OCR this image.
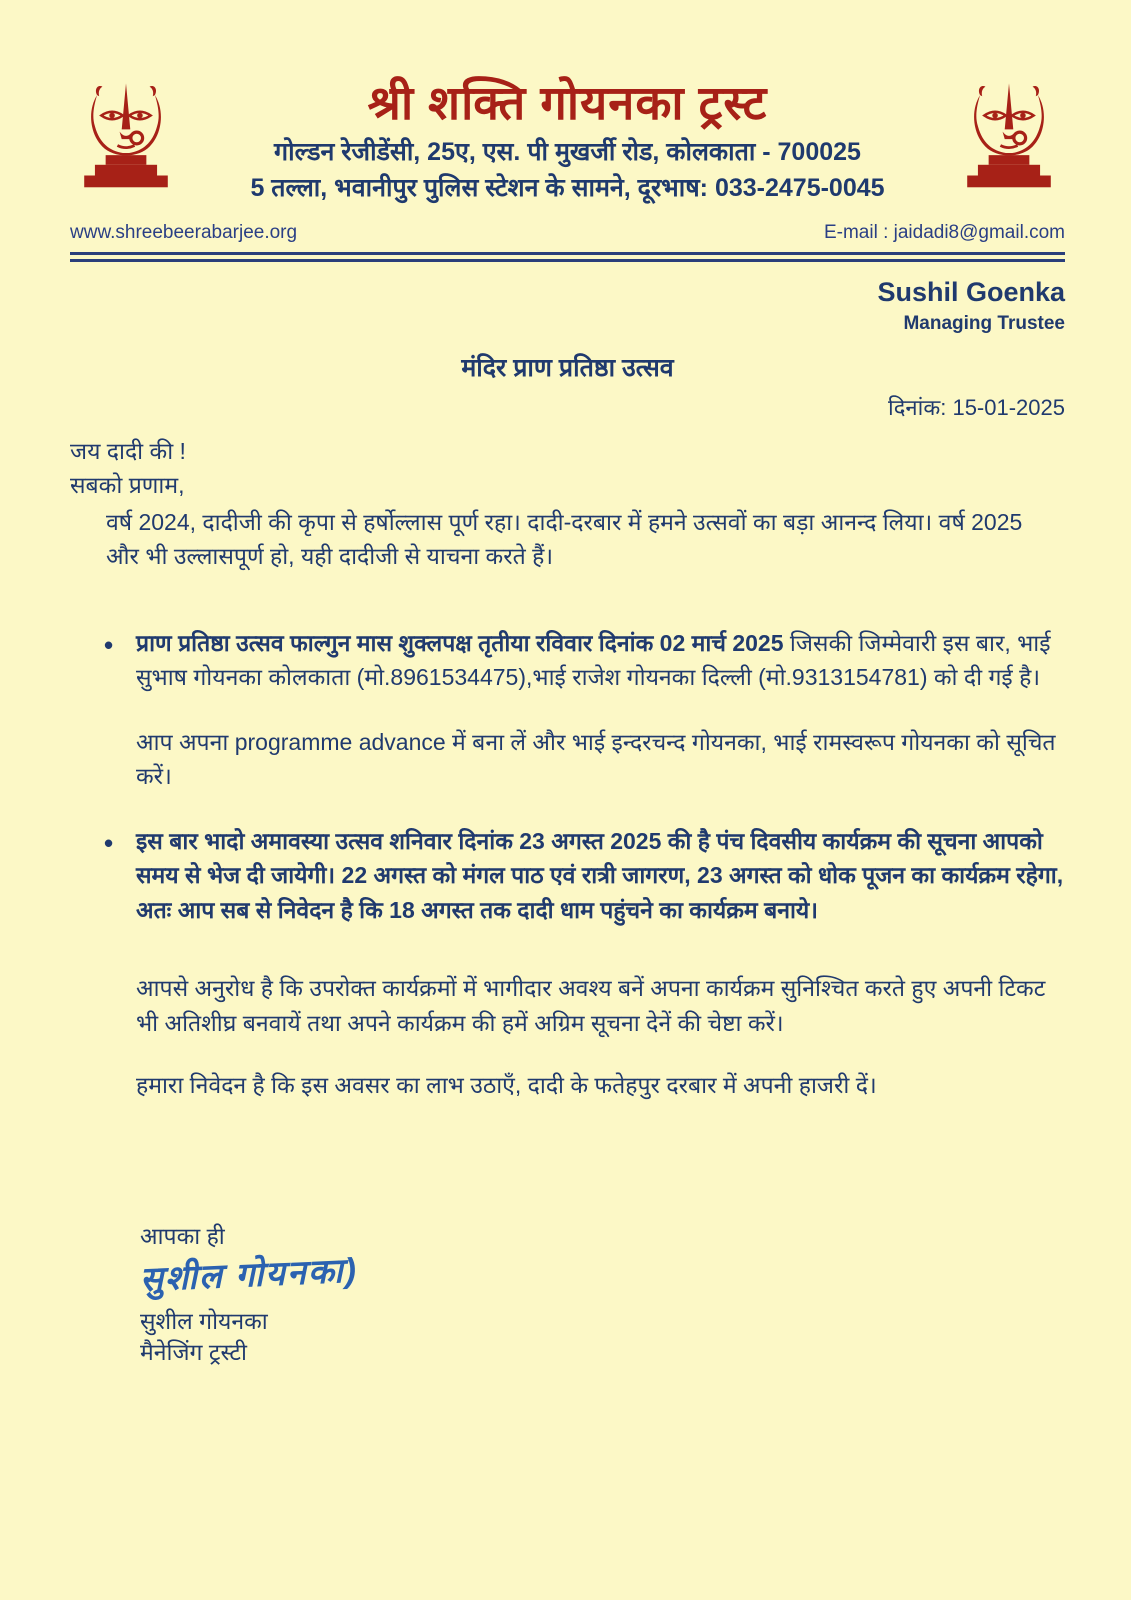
श्री शक्ति गोयनका ट्रस्ट
गोल्डन रेजीडेंसी, 25ए, एस. पी मुखर्जी रोड, कोलकाता - 700025
5 तल्ला, भवानीपुर पुलिस स्टेशन के सामने, दूरभाष: 033-2475-0045
www.shreebeerabarjee.org	E-mail : jaidadi8@gmail.com
Sushil Goenka
Managing Trustee
मंदिर प्राण प्रतिष्ठा उत्सव
दिनांक: 15-01-2025
जय दादी की !
सबको प्रणाम,
वर्ष 2024, दादीजी की कृपा से हर्षोल्लास पूर्ण रहा। दादी-दरबार में हमने उत्सवों का बड़ा आनन्द लिया। वर्ष 2025 और भी उल्लासपूर्ण हो, यही दादीजी से याचना करते हैं।
• प्राण प्रतिष्ठा उत्सव फाल्गुन मास शुक्लपक्ष तृतीया रविवार दिनांक 02 मार्च 2025 जिसकी जिम्मेवारी इस बार, भाई सुभाष गोयनका कोलकाता (मो.8961534475),भाई राजेश गोयनका दिल्ली (मो.9313154781) को दी गई है।
आप अपना programme advance में बना लें और भाई इन्दरचन्द गोयनका, भाई रामस्वरूप गोयनका को सूचित करें।
• इस बार भादो अमावस्या उत्सव शनिवार दिनांक 23 अगस्त 2025 की है पंच दिवसीय कार्यक्रम की सूचना आपको समय से भेज दी जायेगी। 22 अगस्त को मंगल पाठ एवं रात्री जागरण, 23 अगस्त को धोक पूजन का कार्यक्रम रहेगा, अतः आप सब से निवेदन है कि 18 अगस्त तक दादी धाम पहुंचने का कार्यक्रम बनाये।
आपसे अनुरोध है कि उपरोक्त कार्यक्रमों में भागीदार अवश्य बनें अपना कार्यक्रम सुनिश्चित करते हुए अपनी टिकट भी अतिशीघ्र बनवायें तथा अपने कार्यक्रम की हमें अग्रिम सूचना देनें की चेष्टा करें।
हमारा निवेदन है कि इस अवसर का लाभ उठाएँ, दादी के फतेहपुर दरबार में अपनी हाजरी दें।
आपका ही
सुशील गोयनका)
सुशील गोयनका
मैनेजिंग ट्रस्टी
